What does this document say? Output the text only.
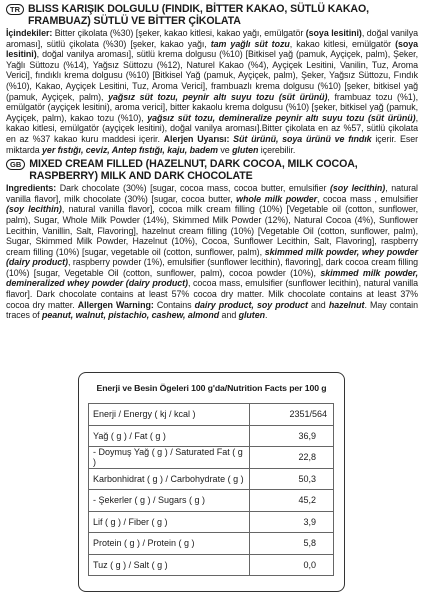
TR BLISS KARIŞIK DOLGULU (FINDIK, BİTTER KAKAO, SÜTLÜ KAKAO, FRAMBUAZ) SÜTLÜ VE BİTTER ÇİKOLATA

İçindekiler: Bitter çikolata (%30) [şeker, kakao kitlesi, kakao yağı, emülgatör (soya lesitini), doğal vanilya aroması], sütlü çikolata (%30) [şeker, kakao yağı, tam yağlı süt tozu, kakao kitlesi, emülgatör (soya lesitini), doğal vanilya aroması], sütlü krema dolgusu (%10) [Bitkisel yağ (pamuk, Ayçiçek, palm), Şeker, Yağlı Süttozu (%14), Yağsız Süttozu (%12), Naturel Kakao (%4), Ayçiçek Lesitini, Vanilin, Tuz, Aroma Verici], fındıklı krema dolgusu (%10) [Bitkisel Yağ (pamuk, Ayçiçek, palm), Şeker, Yağsız Süttozu, Fındık (%10), Kakao, Ayçiçek Lesitini, Tuz, Aroma Verici], frambuazlı krema dolgusu (%10) [şeker, bitkisel yağ (pamuk, Ayçiçek, palm), yağsız süt tozu, peynir altı suyu tozu (süt ürünü), frambuaz tozu (%1), emülgatör (ayçiçek lesitini), aroma verici], bitter kakaolu krema dolgusu (%10) [şeker, bitkisel yağ (pamuk, Ayçiçek, palm), kakao tozu (%10), yağsız süt tozu, demineralize peynir altı suyu tozu (süt ürünü), kakao kitlesi, emülgatör (ayçiçek lesitini), doğal vanilya aroması].Bitter çikolata en az %57, sütlü çikolata en az %37 kakao kuru maddesi içerir. Alerjen Uyarısı: Süt ürünü, soya ürünü ve fındık içerir. Eser miktarda yer fıstığı, ceviz, Antep fıstığı, kaju, badem ve gluten içerebilir.

GB MIXED CREAM FILLED (HAZELNUT, DARK COCOA, MILK COCOA, RASPBERRY) MILK AND DARK CHOCOLATE

Ingredients: Dark chocolate (30%) [sugar, cocoa mass, cocoa butter, emulsifier (soy lecithin), natural vanilla flavor], milk chocolate (30%) [sugar, cocoa butter, whole milk powder, cocoa mass , emulsifier (soy lecithin), natural vanilla flavor], cocoa milk cream filling (10%) [Vegetable oil (cotton, sunflower, palm), Sugar, Whole Milk Powder (14%), Skimmed Milk Powder (12%), Natural Cocoa (4%), Sunflower Lecithin, Vanillin, Salt, Flavoring], hazelnut cream filling (10%) [Vegetable Oil (cotton, sunflower, palm), Sugar, Skimmed Milk Powder, Hazelnut (10%), Cocoa, Sunflower Lecithin, Salt, Flavoring], raspberry cream filling (10%) [sugar, vegetable oil (cotton, sunflower, palm), skimmed milk powder, whey powder (dairy product), raspberry powder (1%), emulsifier (sunflower lecithin), flavoring], dark cocoa cream filling (10%) [sugar, Vegetable Oil (cotton, sunflower, palm), cocoa powder (10%), skimmed milk powder, demineralized whey powder (dairy product), cocoa mass, emulsifier (sunflower lecithin), natural vanilla flavor]. Dark chocolate contains at least 57% cocoa dry matter. Milk chocolate contains at least 37% cocoa dry matter. Allergen Warning: Contains dairy product, soy product and hazelnut. May contain traces of peanut, walnut, pistachio, cashew, almond and gluten.

Enerji ve Besin Ögeleri 100 g'da/Nutrition Facts per 100 g
Enerji / Energy ( kj / kcal )	2351/564
Yağ ( g ) / Fat ( g )	36,9
- Doymuş Yağ ( g ) / Saturated Fat ( g )	22,8
Karbonhidrat ( g ) / Carbohydrate ( g )	50,3
- Şekerler ( g ) / Sugars ( g )	45,2
Lif ( g ) / Fiber ( g )	3,9
Protein ( g ) / Protein ( g )	5,8
Tuz ( g ) / Salt ( g )	0,0
